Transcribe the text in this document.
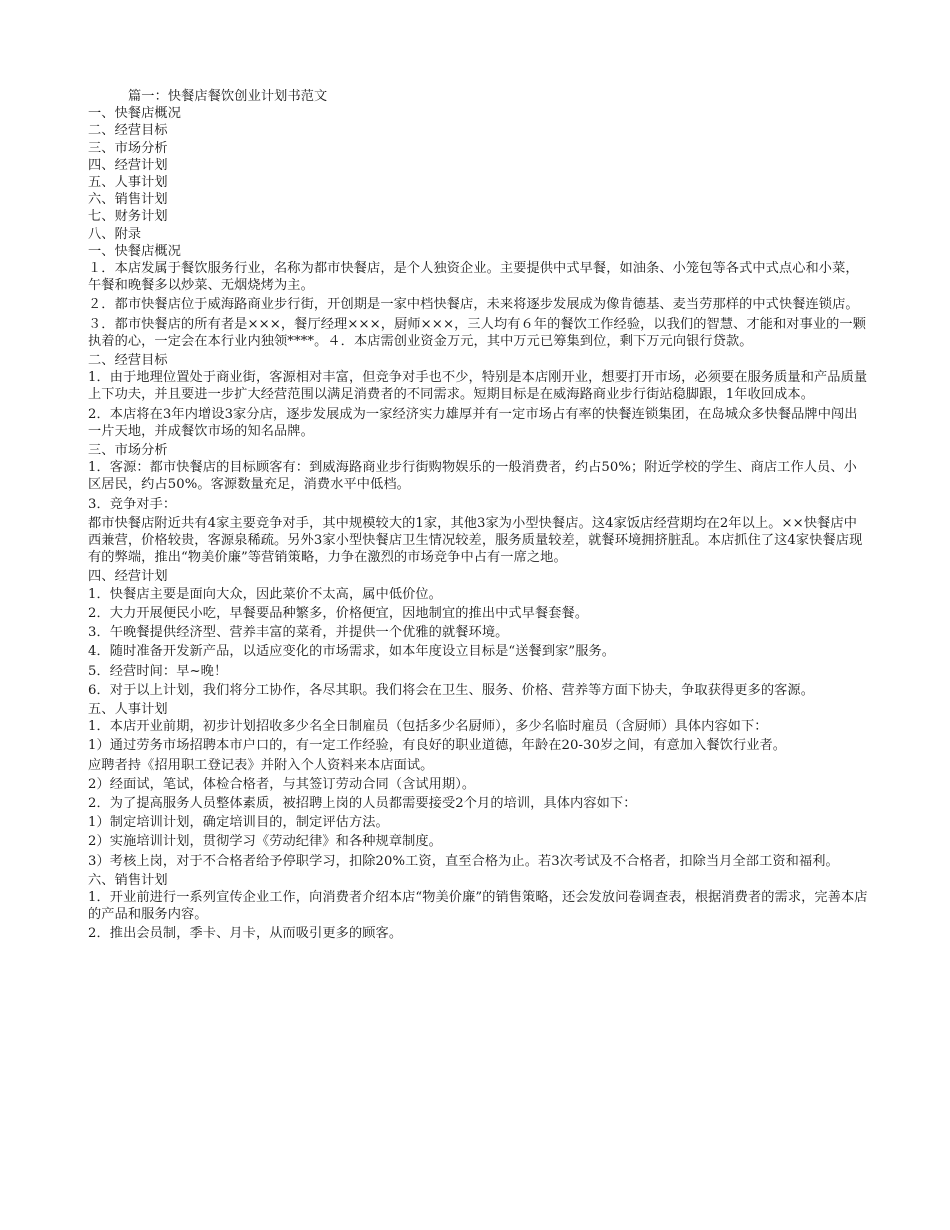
篇一：快餐店餐饮创业计划书范文
一、快餐店概况
二、经营目标
三、市场分析
四、经营计划
五、人事计划
六、销售计划
七、财务计划
八、附录
一、快餐店概况

１．本店发属于餐饮服务行业，名称为都市快餐店，是个人独资企业。主要提供中式早餐，如油条、小笼包等各式中式点心和小菜，午餐和晚餐多以炒菜、无烟烧烤为主。

２．都市快餐店位于威海路商业步行街，开创期是一家中档快餐店，未来将逐步发展成为像肯德基、麦当劳那样的中式快餐连锁店。

３．都市快餐店的所有者是×××，餐厅经理×××，厨师×××，三人均有６年的餐饮工作经验，以我们的智慧、才能和对事业的一颗执着的心，一定会在本行业内独领****。４．本店需创业资金万元，其中万元已筹集到位，剩下万元向银行贷款。

二、经营目标

1．由于地理位置处于商业街，客源相对丰富，但竞争对手也不少，特别是本店刚开业，想要打开市场，必须要在服务质量和产品质量上下功夫，并且要进一步扩大经营范围以满足消费者的不同需求。短期目标是在威海路商业步行街站稳脚跟，1年收回成本。

2．本店将在3年内增设3家分店，逐步发展成为一家经济实力雄厚并有一定市场占有率的快餐连锁集团，在岛城众多快餐品牌中闯出一片天地，并成餐饮市场的知名品牌。

三、市场分析

1．客源：都市快餐店的目标顾客有：到威海路商业步行街购物娱乐的一般消费者，约占50%；附近学校的学生、商店工作人员、小区居民，约占50%。客源数量充足，消费水平中低档。

3．竞争对手：

都市快餐店附近共有4家主要竞争对手，其中规模较大的1家，其他3家为小型快餐店。这4家饭店经营期均在2年以上。××快餐店中西兼营，价格较贵，客源泉稀疏。另外3家小型快餐店卫生情况较差，服务质量较差，就餐环境拥挤脏乱。本店抓住了这4家快餐店现有的弊端，推出“物美价廉”等营销策略，力争在激烈的市场竞争中占有一席之地。

四、经营计划

1．快餐店主要是面向大众，因此菜价不太高，属中低价位。

2．大力开展便民小吃，早餐要品种繁多，价格便宜，因地制宜的推出中式早餐套餐。

3．午晚餐提供经济型、营养丰富的菜肴，并提供一个优雅的就餐环境。

4．随时准备开发新产品，以适应变化的市场需求，如本年度设立目标是“送餐到家”服务。

5．经营时间：早~晚！

6．对于以上计划，我们将分工协作，各尽其职。我们将会在卫生、服务、价格、营养等方面下协夫，争取获得更多的客源。

五、人事计划

1．本店开业前期，初步计划招收多少名全日制雇员（包括多少名厨师），多少名临时雇员（含厨师）具体内容如下：

1）通过劳务市场招聘本市户口的，有一定工作经验，有良好的职业道德，年龄在20-30岁之间，有意加入餐饮行业者。

应聘者持《招用职工登记表》并附入个人资料来本店面试。

2）经面试，笔试，体检合格者，与其签订劳动合同（含试用期）。

2．为了提高服务人员整体素质，被招聘上岗的人员都需要接受2个月的培训，具体内容如下：

1）制定培训计划，确定培训目的，制定评估方法。

2）实施培训计划，贯彻学习《劳动纪律》和各种规章制度。

3）考核上岗，对于不合格者给予停职学习，扣除20%工资，直至合格为止。若3次考试及不合格者，扣除当月全部工资和福利。

六、销售计划

1．开业前进行一系列宣传企业工作，向消费者介绍本店“物美价廉”的销售策略，还会发放问卷调查表，根据消费者的需求，完善本店的产品和服务内容。

2．推出会员制，季卡、月卡，从而吸引更多的顾客。
